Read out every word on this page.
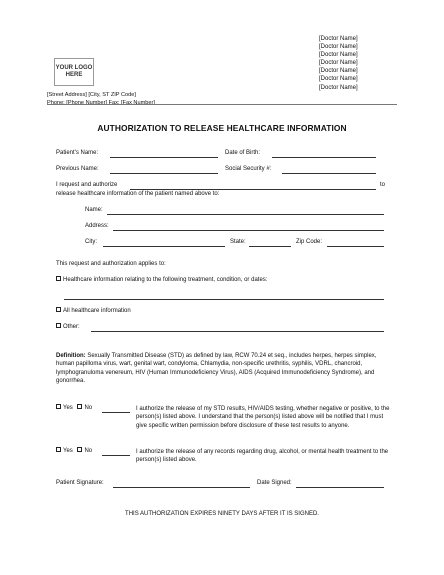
YOUR LOGO
HERE
[Doctor Name]
[Doctor Name]
[Doctor Name]
[Doctor Name]
[Doctor Name]
[Doctor Name]
[Doctor Name]
[Street Address] [City, ST ZIP Code]
Phone: [Phone Number] Fax: [Fax Number]
AUTHORIZATION TO RELEASE HEALTHCARE INFORMATION
Patient's Name:	Date of Birth:
Previous Name:	Social Security #:
I request and authorize	to
release healthcare information of the patient named above to:
Name:
Address:
City:	State:	Zip Code:
This request and authorization applies to:
Healthcare information relating to the following treatment, condition, or dates:
All healthcare information
Other:
Definition: Sexually Transmitted Disease (STD) as defined by law, RCW 70.24 et seq., includes herpes, herpes simplex, human papilloma virus, wart, genital wart, condyloma, Chlamydia, non-specific urethritis, syphilis, VDRL, chancroid, lymphogranuloma venereum, HIV (Human Immunodeficiency Virus), AIDS (Acquired Immunodeficiency Syndrome), and gonorrhea.
Yes No	I authorize the release of my STD results, HIV/AIDS testing, whether negative or positive, to the person(s) listed above. I understand that the person(s) listed above will be notified that I must give specific written permission before disclosure of these test results to anyone.
Yes No	I authorize the release of any records regarding drug, alcohol, or mental health treatment to the person(s) listed above.
Patient Signature:	Date Signed:
THIS AUTHORIZATION EXPIRES NINETY DAYS AFTER IT IS SIGNED.
